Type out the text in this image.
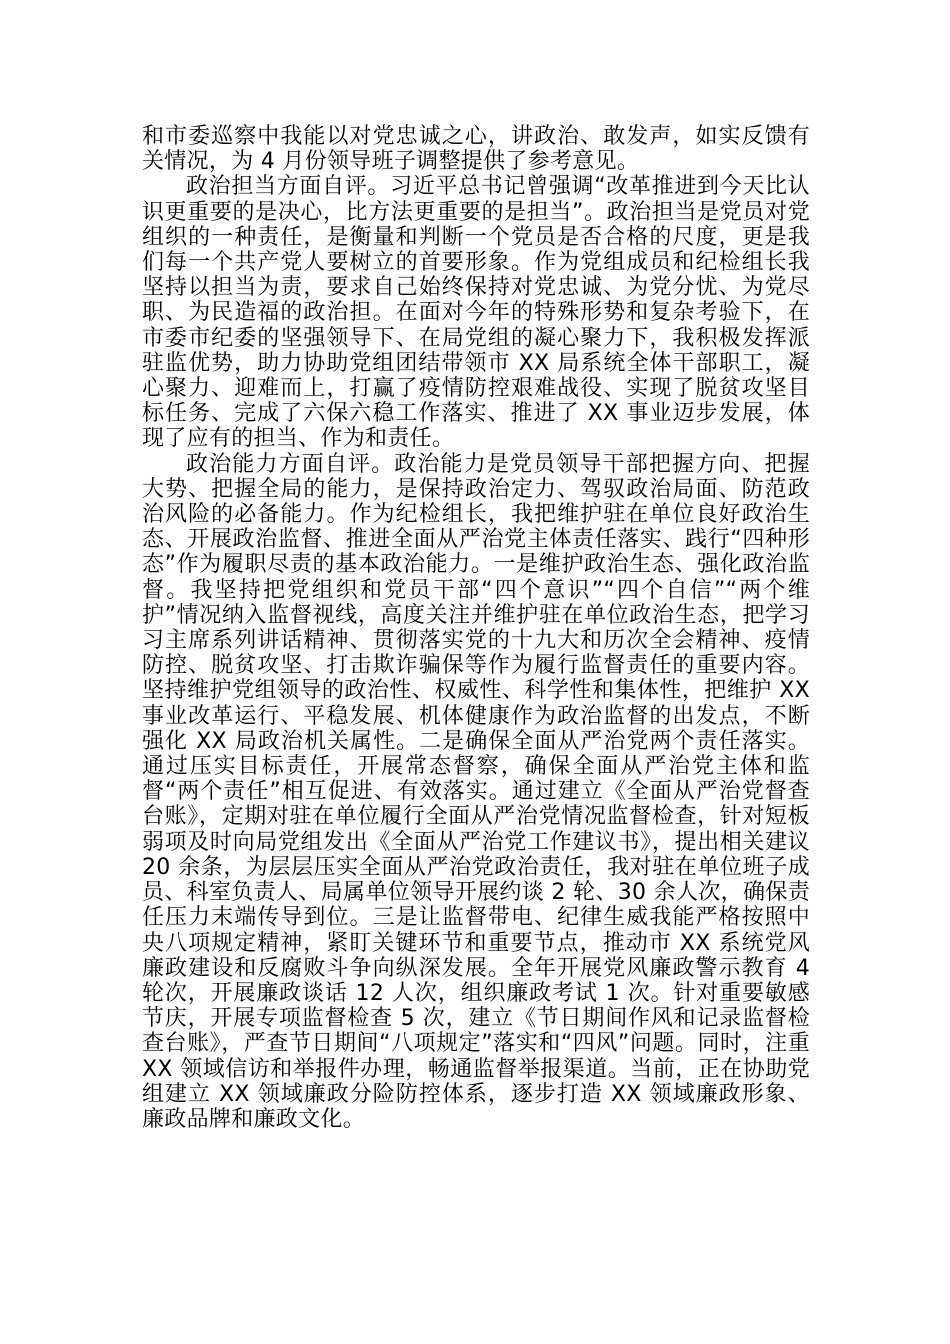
和市委巡察中我能以对党忠诚之心，讲政治、敢发声，如实反馈有关情况，为 4 月份领导班子调整提供了参考意见。

政治担当方面自评。习近平总书记曾强调“改革推进到今天比认识更重要的是决心，比方法更重要的是担当”。政治担当是党员对党组织的一种责任，是衡量和判断一个党员是否合格的尺度，更是我们每一个共产党人要树立的首要形象。作为党组成员和纪检组长我坚持以担当为责，要求自己始终保持对党忠诚、为党分忧、为党尽职、为民造福的政治担。在面对今年的特殊形势和复杂考验下，在市委市纪委的坚强领导下、在局党组的凝心聚力下，我积极发挥派驻监优势，助力协助党组团结带领市 XX 局系统全体干部职工，凝心聚力、迎难而上，打赢了疫情防控艰难战役、实现了脱贫攻坚目标任务、完成了六保六稳工作落实、推进了 XX 事业迈步发展，体现了应有的担当、作为和责任。

政治能力方面自评。政治能力是党员领导干部把握方向、把握大势、把握全局的能力，是保持政治定力、驾驭政治局面、防范政治风险的必备能力。作为纪检组长，我把维护驻在单位良好政治生态、开展政治监督、推进全面从严治党主体责任落实、践行“四种形态”作为履职尽责的基本政治能力。一是维护政治生态、强化政治监督。我坚持把党组织和党员干部“四个意识”“四个自信”“两个维护”情况纳入监督视线，高度关注并维护驻在单位政治生态，把学习习主席系列讲话精神、贯彻落实党的十九大和历次全会精神、疫情防控、脱贫攻坚、打击欺诈骗保等作为履行监督责任的重要内容。坚持维护党组领导的政治性、权威性、科学性和集体性，把维护 XX 事业改革运行、平稳发展、机体健康作为政治监督的出发点，不断强化 XX 局政治机关属性。二是确保全面从严治党两个责任落实。通过压实目标责任，开展常态督察，确保全面从严治党主体和监督“两个责任”相互促进、有效落实。通过建立《全面从严治党督查台账》，定期对驻在单位履行全面从严治党情况监督检查，针对短板弱项及时向局党组发出《全面从严治党工作建议书》，提出相关建议 20 余条，为层层压实全面从严治党政治责任，我对驻在单位班子成员、科室负责人、局属单位领导开展约谈 2 轮、30 余人次，确保责任压力末端传导到位。三是让监督带电、纪律生威我能严格按照中央八项规定精神，紧盯关键环节和重要节点，推动市 XX 系统党风廉政建设和反腐败斗争向纵深发展。全年开展党风廉政警示教育 4 轮次，开展廉政谈话 12 人次，组织廉政考试 1 次。针对重要敏感节庆，开展专项监督检查 5 次，建立《节日期间作风和记录监督检查台账》，严查节日期间“八项规定”落实和“四风”问题。同时，注重 XX 领域信访和举报件办理，畅通监督举报渠道。当前，正在协助党组建立 XX 领域廉政分险防控体系，逐步打造 XX 领域廉政形象、廉政品牌和廉政文化。
